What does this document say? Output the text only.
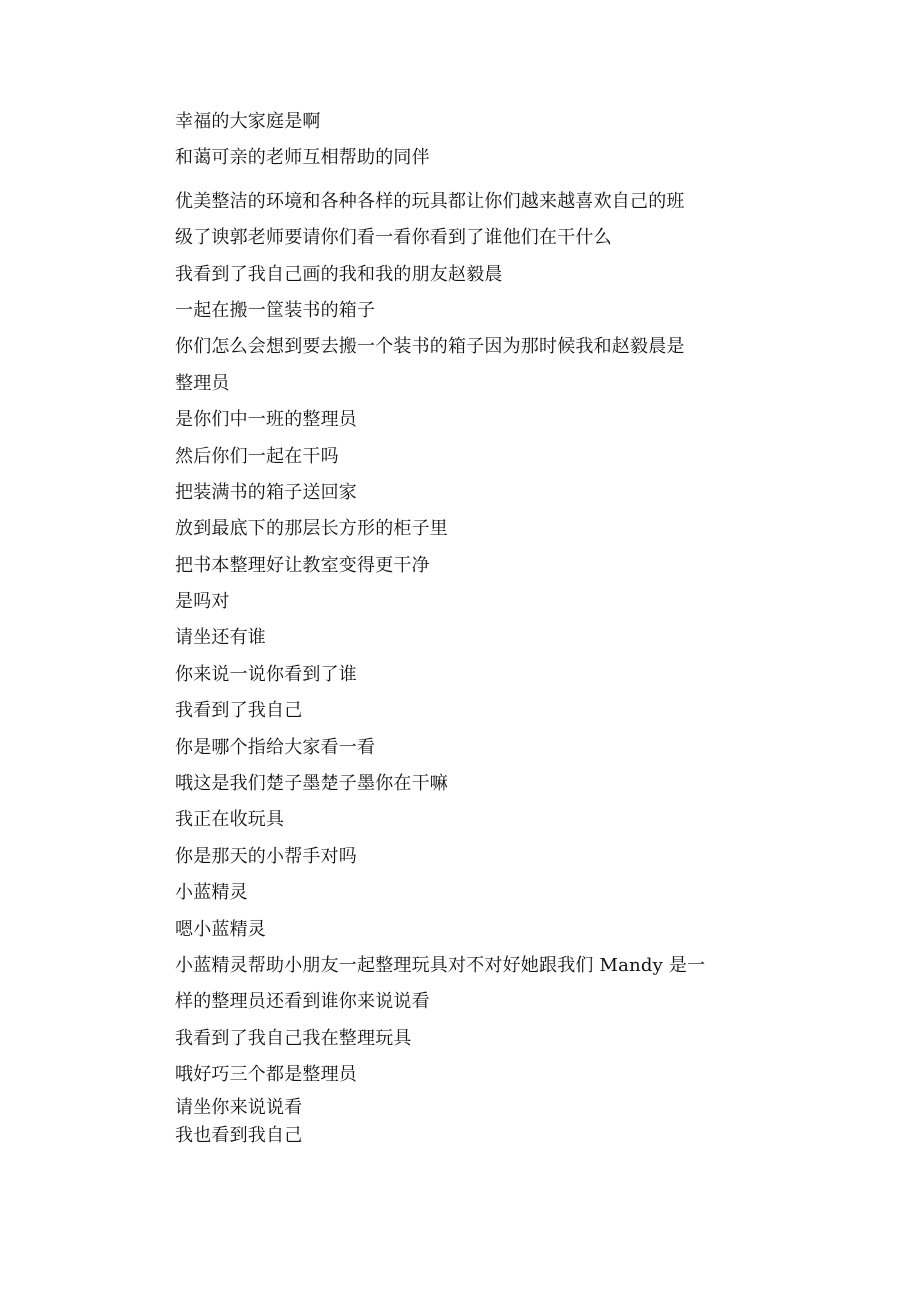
幸福的大家庭是啊
和蔼可亲的老师互相帮助的同伴
优美整洁的环境和各种各样的玩具都让你们越来越喜欢自己的班
级了谀郭老师要请你们看一看你看到了谁他们在干什么
我看到了我自己画的我和我的朋友赵毅晨
一起在搬一筐装书的箱子
你们怎么会想到要去搬一个装书的箱子因为那时候我和赵毅晨是
整理员
是你们中一班的整理员
然后你们一起在干吗
把装满书的箱子送回家
放到最底下的那层长方形的柜子里
把书本整理好让教室变得更干净
是吗对
请坐还有谁
你来说一说你看到了谁
我看到了我自己
你是哪个指给大家看一看
哦这是我们楚子墨楚子墨你在干嘛
我正在收玩具
你是那天的小帮手对吗
小蓝精灵
嗯小蓝精灵
小蓝精灵帮助小朋友一起整理玩具对不对好她跟我们 Mandy 是一
样的整理员还看到谁你来说说看
我看到了我自己我在整理玩具
哦好巧三个都是整理员
请坐你来说说看
我也看到我自己
